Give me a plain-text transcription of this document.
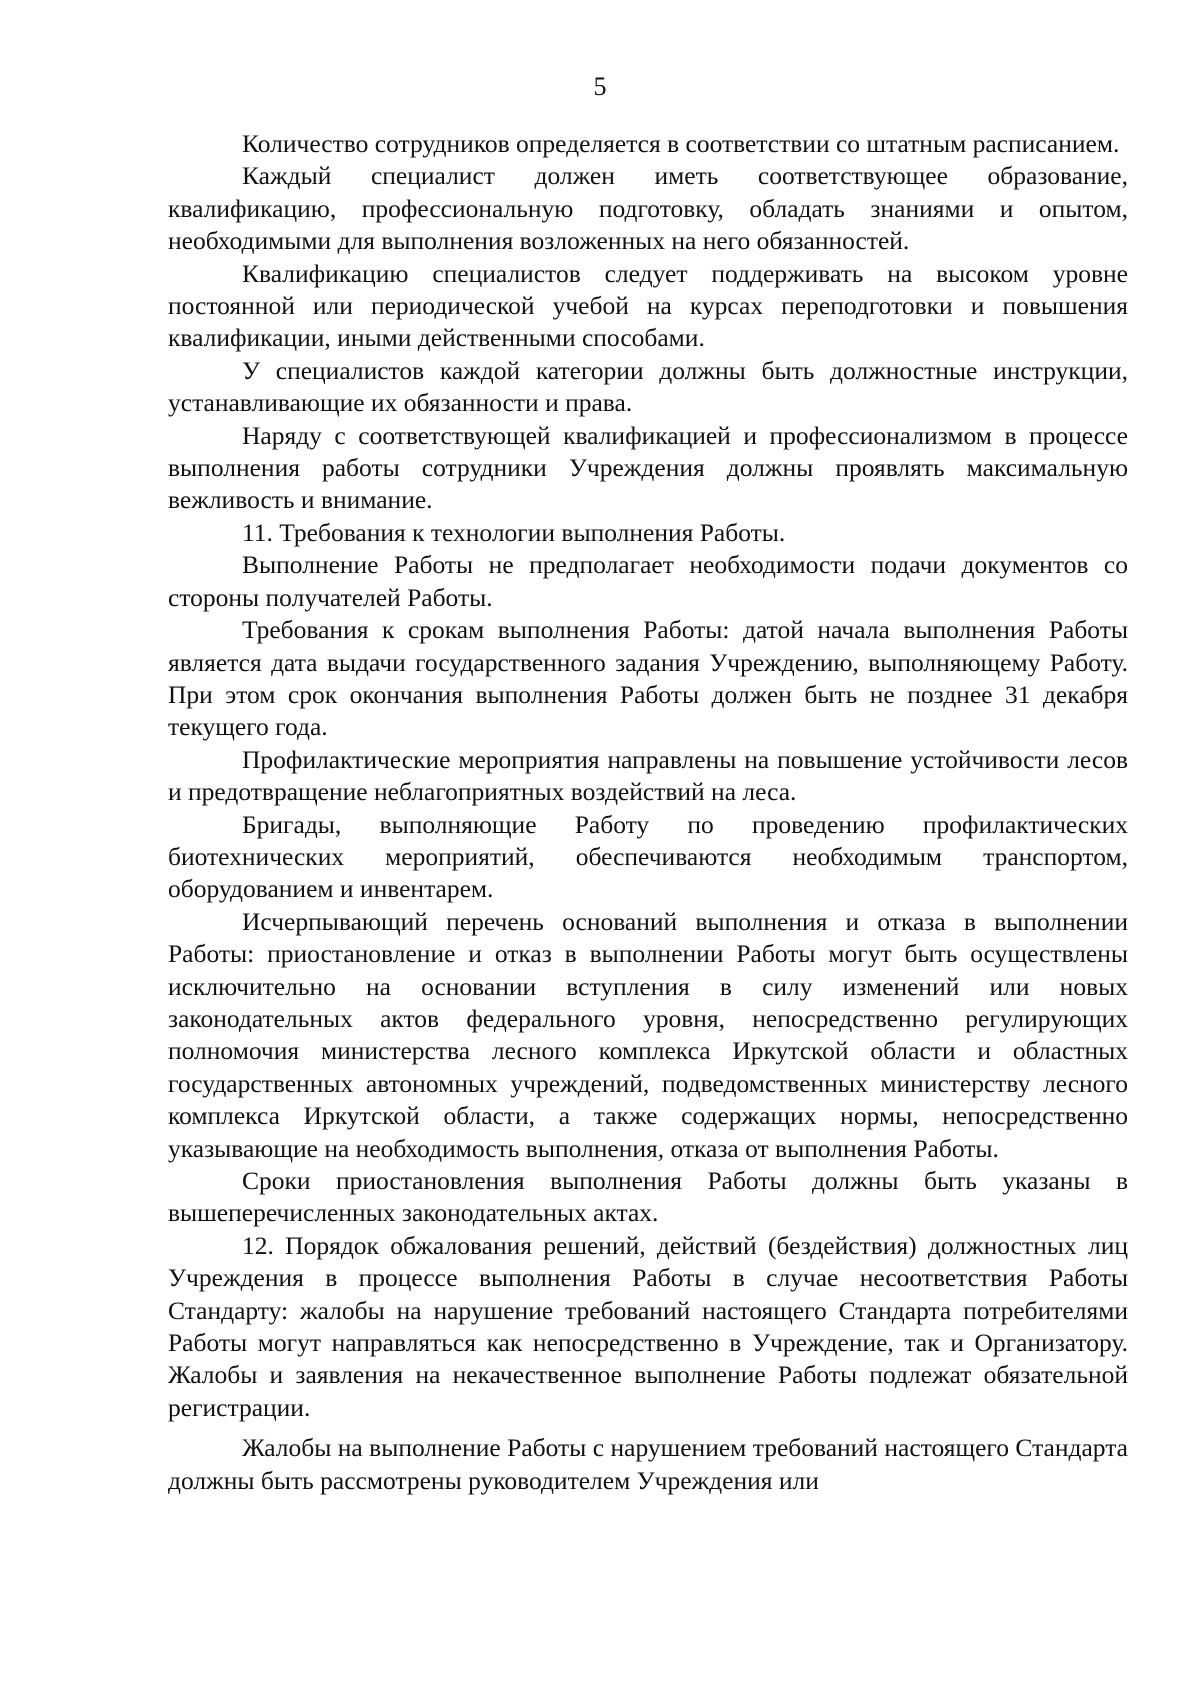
5

Количество сотрудников определяется в соответствии со штатным расписанием.

Каждый специалист должен иметь соответствующее образование, квалификацию, профессиональную подготовку, обладать знаниями и опытом, необходимыми для выполнения возложенных на него обязанностей.

Квалификацию специалистов следует поддерживать на высоком уровне постоянной или периодической учебой на курсах переподготовки и повышения квалификации, иными действенными способами.

У специалистов каждой категории должны быть должностные инструкции, устанавливающие их обязанности и права.

Наряду с соответствующей квалификацией и профессионализмом в процессе выполнения работы сотрудники Учреждения должны проявлять максимальную вежливость и внимание.

11. Требования к технологии выполнения Работы.

Выполнение Работы не предполагает необходимости подачи документов со стороны получателей Работы.

Требования к срокам выполнения Работы: датой начала выполнения Работы является дата выдачи государственного задания Учреждению, выполняющему Работу. При этом срок окончания выполнения Работы должен быть не позднее 31 декабря текущего года.

Профилактические мероприятия направлены на повышение устойчивости лесов и предотвращение неблагоприятных воздействий на леса.

Бригады, выполняющие Работу по проведению профилактических биотехнических мероприятий, обеспечиваются необходимым транспортом, оборудованием и инвентарем.

Исчерпывающий перечень оснований выполнения и отказа в выполнении Работы: приостановление и отказ в выполнении Работы могут быть осуществлены исключительно на основании вступления в силу изменений или новых законодательных актов федерального уровня, непосредственно регулирующих полномочия министерства лесного комплекса Иркутской области и областных государственных автономных учреждений, подведомственных министерству лесного комплекса Иркутской области, а также содержащих нормы, непосредственно указывающие на необходимость выполнения, отказа от выполнения Работы.

Сроки приостановления выполнения Работы должны быть указаны в вышеперечисленных законодательных актах.

12. Порядок обжалования решений, действий (бездействия) должностных лиц Учреждения в процессе выполнения Работы в случае несоответствия Работы Стандарту: жалобы на нарушение требований настоящего Стандарта потребителями Работы могут направляться как непосредственно в Учреждение, так и Организатору. Жалобы и заявления на некачественное выполнение Работы подлежат обязательной регистрации.

Жалобы на выполнение Работы с нарушением требований настоящего Стандарта должны быть рассмотрены руководителем Учреждения или
